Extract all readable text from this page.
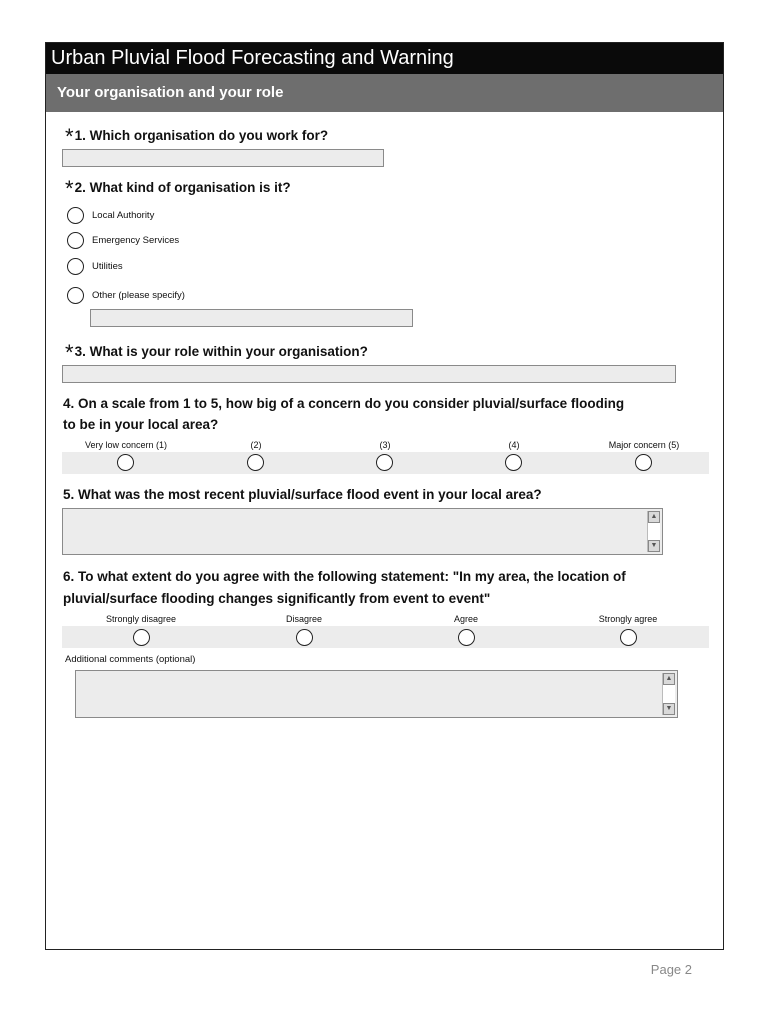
Urban Pluvial Flood Forecasting and Warning
Your organisation and your role
*1. Which organisation do you work for?
*2. What kind of organisation is it?
Local Authority
Emergency Services
Utilities
Other (please specify)
*3. What is your role within your organisation?
4. On a scale from 1 to 5, how big of a concern do you consider pluvial/surface flooding
to be in your local area?
Very low concern (1)	(2)	(3)	(4)	Major concern (5)
5. What was the most recent pluvial/surface flood event in your local area?
▲
▼
6. To what extent do you agree with the following statement: "In my area, the location of
pluvial/surface flooding changes significantly from event to event"
Strongly disagree	Disagree	Agree	Strongly agree
Additional comments (optional)
▲
▼
Page 2
